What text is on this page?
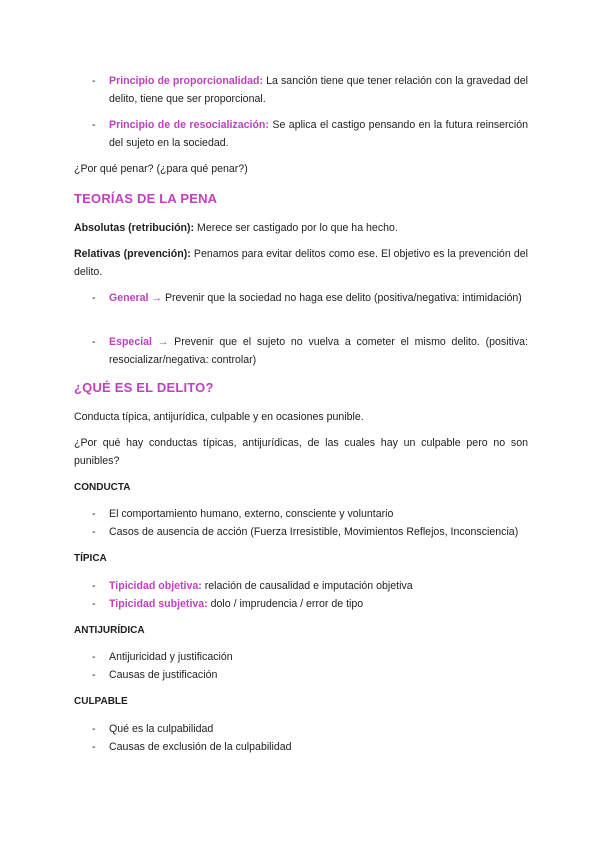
- Principio de proporcionalidad: La sanción tiene que tener relación con la gravedad del delito, tiene que ser proporcional.
- Principio de de resocialización: Se aplica el castigo pensando en la futura reinserción del sujeto en la sociedad.

¿Por qué penar? (¿para qué penar?)

TEORÍAS DE LA PENA

Absolutas (retribución): Merece ser castigado por lo que ha hecho.

Relativas (prevención): Penamos para evitar delitos como ese. El objetivo es la prevención del delito.

- General → Prevenir que la sociedad no haga ese delito (positiva/negativa: intimidación)
- Especial → Prevenir que el sujeto no vuelva a cometer el mismo delito. (positiva: resocializar/negativa: controlar)
¿QUÉ ES EL DELITO?

Conducta típica, antijurídica, culpable y en ocasiones punible.

¿Por qué hay conductas típicas, antijurídicas, de las cuales hay un culpable pero no son punibles?

CONDUCTA
- El comportamiento humano, externo, consciente y voluntario
- Casos de ausencia de acción (Fuerza Irresistible, Movimientos Reflejos, Inconsciencia)
TÍPICA
- Tipicidad objetiva: relación de causalidad e imputación objetiva
- Tipicidad subjetiva: dolo / imprudencia / error de tipo
ANTIJURÍDICA
- Antijuricidad y justificación
- Causas de justificación
CULPABLE
- Qué es la culpabilidad
- Causas de exclusión de la culpabilidad
